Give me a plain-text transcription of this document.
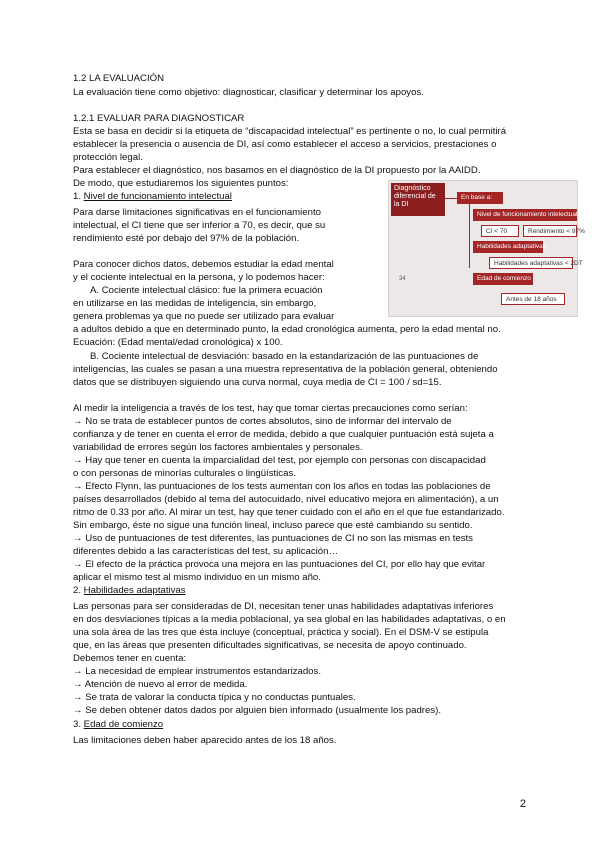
1.2 LA EVALUACIÓN
La evaluación tiene como objetivo: diagnosticar, clasificar y determinar los apoyos.
1.2.1 EVALUAR PARA DIAGNOSTICAR
Esta se basa en decidir si la etiqueta de “discapacidad intelectual” es pertinente o no, lo cual permitirá
establecer la presencia o ausencia de DI, así como establecer el acceso a servicios, prestaciones o
protección legal.
Para establecer el diagnóstico, nos basamos en el diagnóstico de la DI propuesto por la AAIDD.
De modo, que estudiaremos los siguientes puntos:
1. Nivel de funcionamiento intelectual
Para darse limitaciones significativas en el funcionamiento
intelectual, el CI tiene que ser inferior a 70, es decir, que su
rendimiento esté por debajo del 97% de la población.
Para conocer dichos datos, debemos estudiar la edad mental
y el cociente intelectual en la persona, y lo podemos hacer:
A. Cociente intelectual clásico: fue la primera ecuación
en utilizarse en las medidas de inteligencia, sin embargo,
genera problemas ya que no puede ser utilizado para evaluar
a adultos debido a que en determinado punto, la edad cronológica aumenta, pero la edad mental no.
Ecuación: (Edad mental/edad cronológica) x 100.
B. Cociente intelectual de desviación: basado en la estandarización de las puntuaciones de
inteligencias, las cuales se pasan a una muestra representativa de la población general, obteniendo
datos que se distribuyen siguiendo una curva normal, cuya media de CI = 100 / sd=15.
Al medir la inteligencia a través de los test, hay que tomar ciertas precauciones como serían:
→ No se trata de establecer puntos de cortes absolutos, sino de informar del intervalo de
confianza y de tener en cuenta el error de medida, debido a que cualquier puntuación está sujeta a
variabilidad de errores según los factores ambientales y personales.
→ Hay que tener en cuenta la imparcialidad del test, por ejemplo con personas con discapacidad
o con personas de minorías culturales o lingüísticas.
→ Efecto Flynn, las puntuaciones de los tests aumentan con los años en todas las poblaciones de
países desarrollados (debido al tema del autocuidado, nivel educativo mejora en alimentación), a un
ritmo de 0.33 por año. Al mirar un test, hay que tener cuidado con el año en el que fue estandarizado.
Sin embargo, éste no sigue una función lineal, incluso parece que esté cambiando su sentido.
→ Uso de puntuaciones de test diferentes, las puntuaciones de CI no son las mismas en tests
diferentes debido a las características del test, su aplicación…
→ El efecto de la práctica provoca una mejora en las puntuaciones del CI, por ello hay que evitar
aplicar el mismo test al mismo individuo en un mismo año.
2. Habilidades adaptativas
Las personas para ser consideradas de DI, necesitan tener unas habilidades adaptativas inferiores
en dos desviaciones típicas a la media poblacional, ya sea global en las habilidades adaptativas, o en
una sola área de las tres que ésta incluye (conceptual, práctica y social). En el DSM-V se estipula
que, en las áreas que presenten dificultades significativas, se necesita de apoyo continuado.
Debemos tener en cuenta:
→ La necesidad de emplear instrumentos estandarizados.
→ Atención de nuevo al error de medida.
→ Se trata de valorar la conducta típica y no conductas puntuales.
→ Se deben obtener datos dados por alguien bien informado (usualmente los padres).
3. Edad de comienzo
Las limitaciones deben haber aparecido antes de los 18 años.
2
Diagnóstico diferencial de la DI
En base a:
Nivel de funcionamiento intelectual
CI < 70	Rendimiento < 97%
Habilidades adaptativas
Habilidades adaptativas < 2DT
Edad de comienzo
Antes de 18 años
34
